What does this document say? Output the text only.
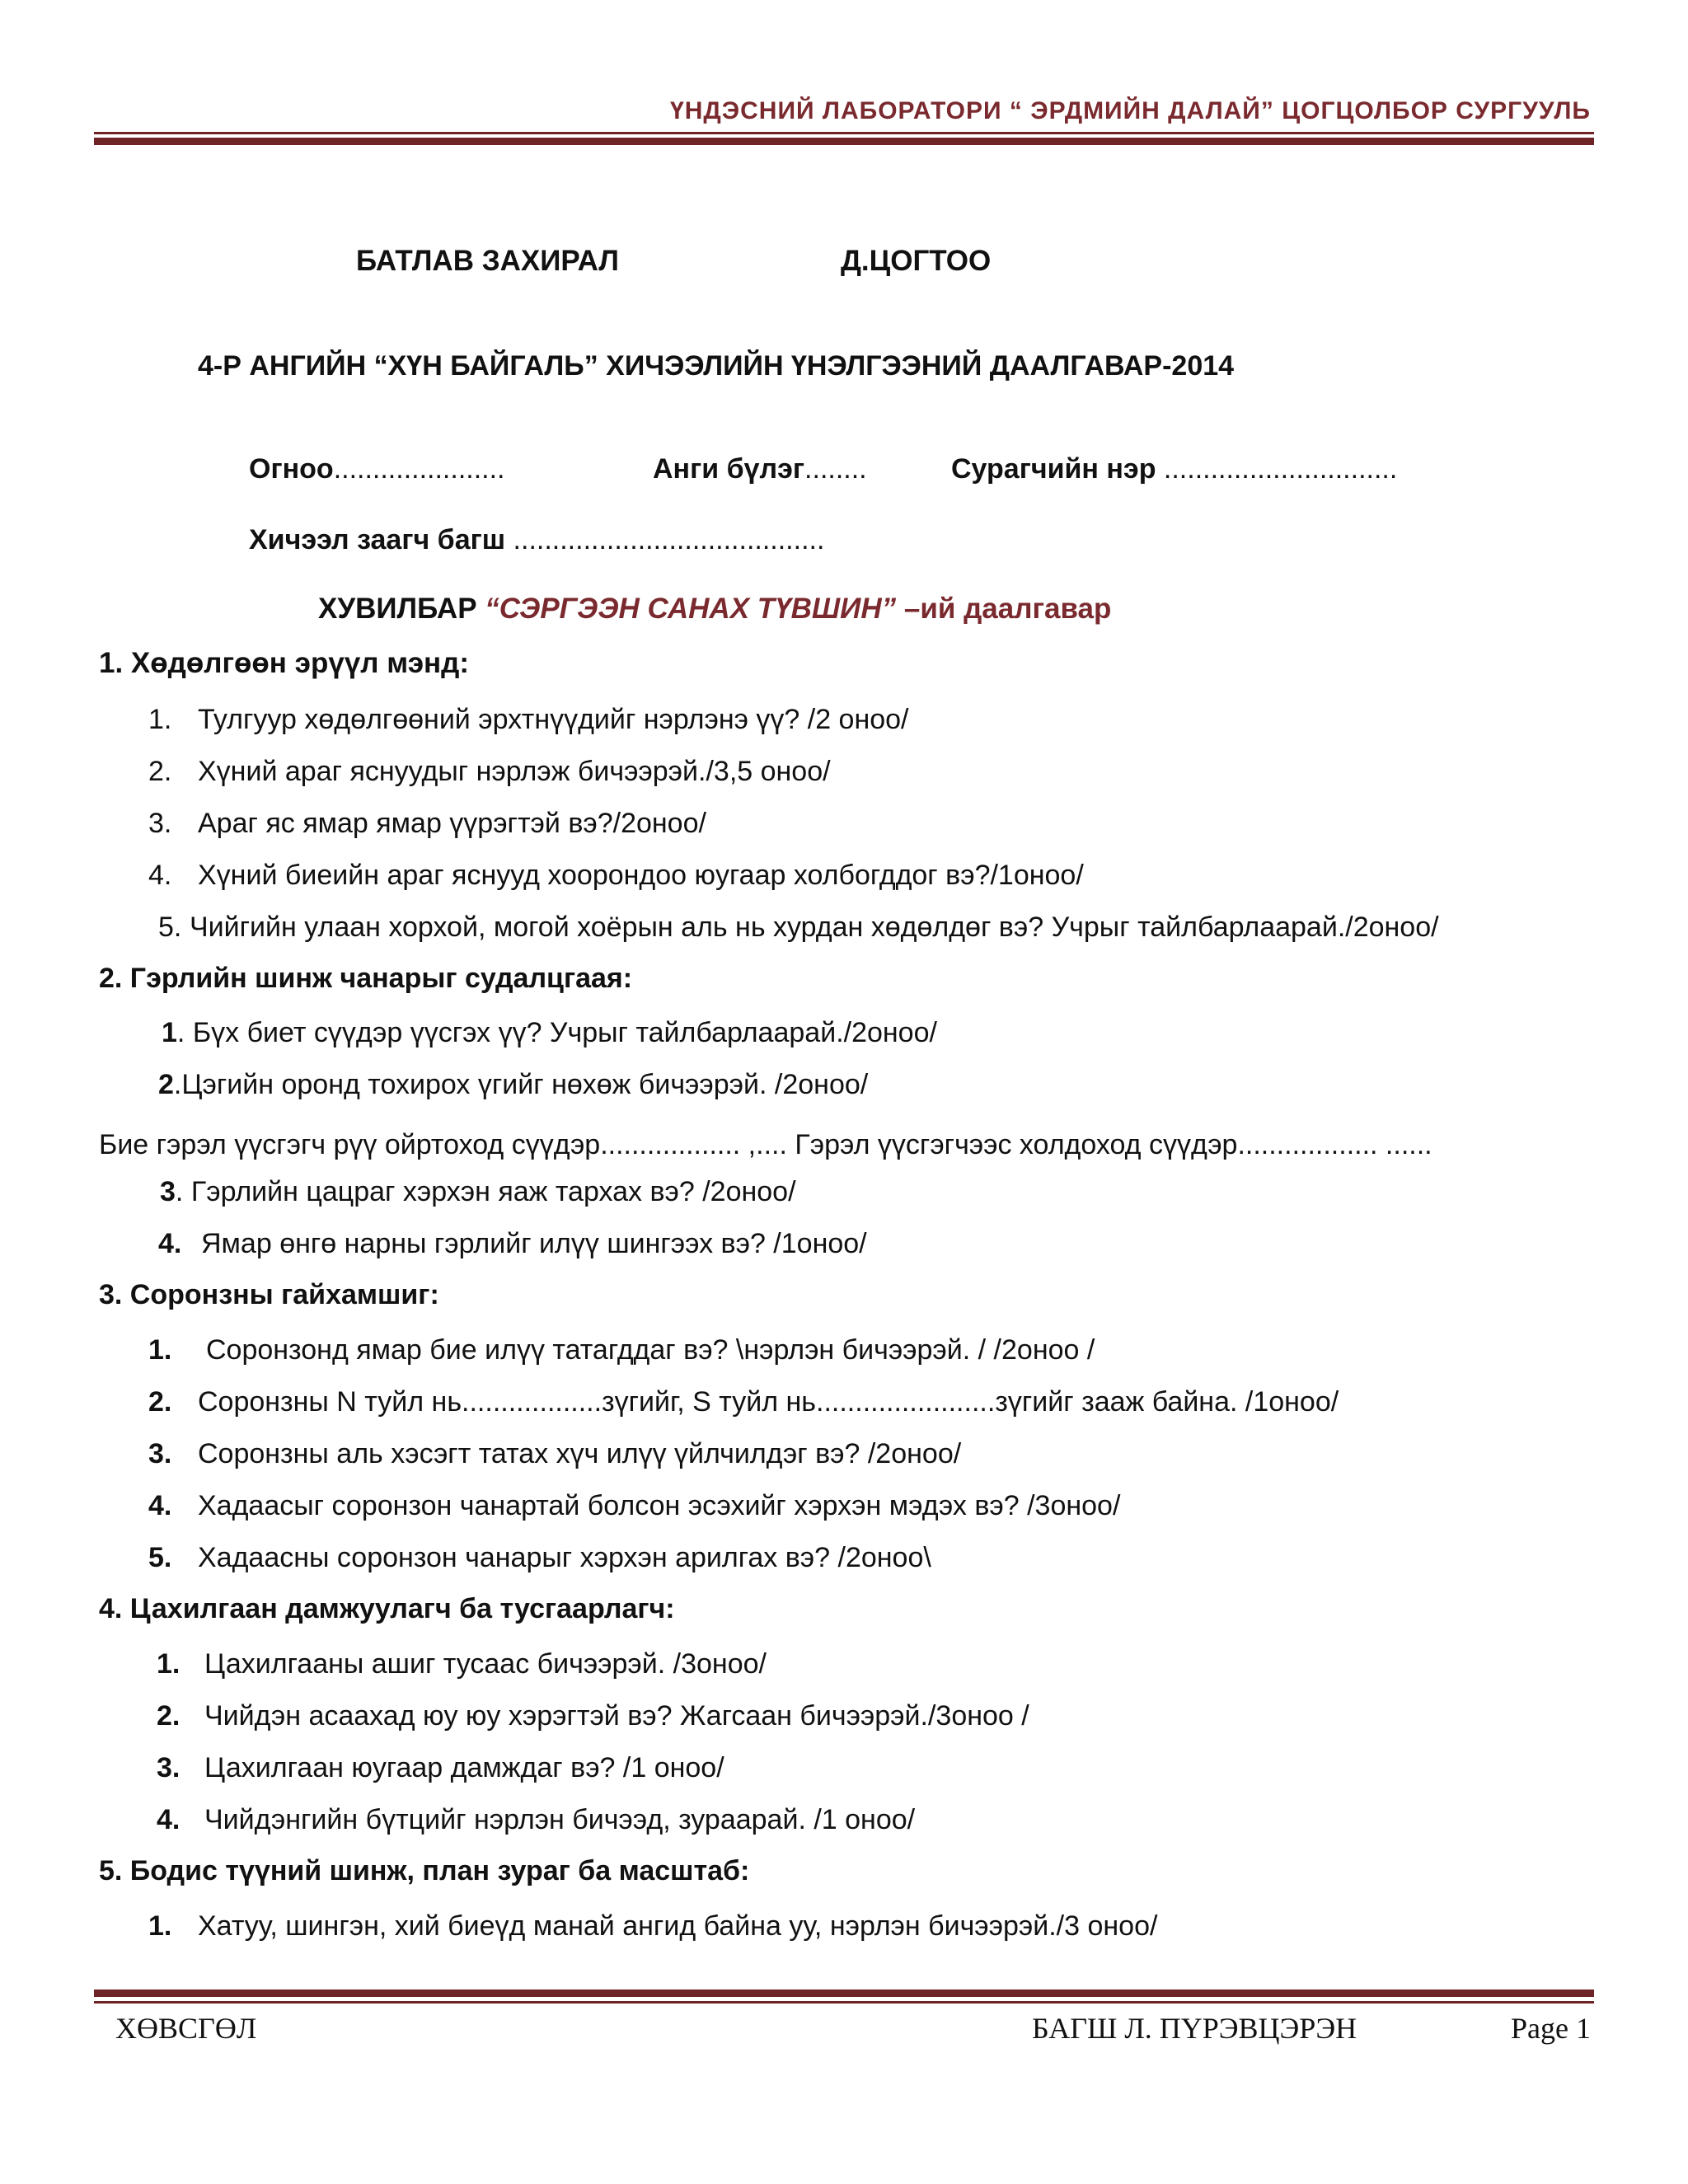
ҮНДЭСНИЙ ЛАБОРАТОРИ “ ЭРДМИЙН ДАЛАЙ” ЦОГЦОЛБОР СУРГУУЛЬ
БАТЛАВ ЗАХИРАЛ	Д.ЦОГТОО
4-Р АНГИЙН “ХҮН БАЙГАЛЬ” ХИЧЭЭЛИЙН ҮНЭЛГЭЭНИЙ ДААЛГАВАР-2014
Огноо......................	Анги бүлэг........	Сурагчийн нэр ..............................
Хичээл заагч багш ........................................
ХУВИЛБАР “СЭРГЭЭН САНАХ ТҮВШИН” –ий даалгавар
1. Хөдөлгөөн эрүүл мэнд:
1. Тулгуур хөдөлгөөний эрхтнүүдийг нэрлэнэ үү? /2 оноо/
2. Хүний араг яснуудыг нэрлэж бичээрэй./3,5 оноо/
3. Араг яс ямар ямар үүрэгтэй вэ?/2оноо/
4. Хүний биеийн араг яснууд хоорондоо юугаар холбогддог вэ?/1оноо/
5. Чийгийн улаан хорхой, могой хоёрын аль нь хурдан хөдөлдөг вэ? Учрыг тайлбарлаарай./2оноо/
2. Гэрлийн шинж чанарыг судалцгаая:
1. Бүх биет сүүдэр үүсгэх үү? Учрыг тайлбарлаарай./2оноо/
2.Цэгийн оронд тохирох үгийг нөхөж бичээрэй. /2оноо/
Бие гэрэл үүсгэгч рүү ойртоход сүүдэр.................. ,.... Гэрэл үүсгэгчээс холдоход сүүдэр.................. ......
3. Гэрлийн цацраг хэрхэн яаж тархах вэ? /2оноо/
4. Ямар өнгө нарны гэрлийг илүү шингээх вэ? /1оноо/
3. Соронзны гайхамшиг:
1. Соронзонд ямар бие илүү татагддаг вэ? \нэрлэн бичээрэй. / /2оноо /
2. Соронзны N туйл нь..................зүгийг, S туйл нь.......................зүгийг зааж байна. /1оноо/
3. Соронзны аль хэсэгт татах хүч илүү үйлчилдэг вэ? /2оноо/
4. Хадаасыг соронзон чанартай болсон эсэхийг хэрхэн мэдэх вэ? /3оноо/
5. Хадаасны соронзон чанарыг хэрхэн арилгах вэ? /2оноо\
4. Цахилгаан дамжуулагч ба тусгаарлагч:
1. Цахилгааны ашиг тусаас бичээрэй. /3оноо/
2. Чийдэн асаахад юу юу хэрэгтэй вэ? Жагсаан бичээрэй./3оноо /
3. Цахилгаан юугаар дамждаг вэ? /1 оноо/
4. Чийдэнгийн бүтцийг нэрлэн бичээд, зураарай. /1 оноо/
5. Бодис түүний шинж, план зураг ба масштаб:
1. Хатуу, шингэн, хий биеүд манай ангид байна уу, нэрлэн бичээрэй./3 оноо/
ХӨВСГӨЛ	БАГШ Л. ПҮРЭВЦЭРЭН	Page 1
